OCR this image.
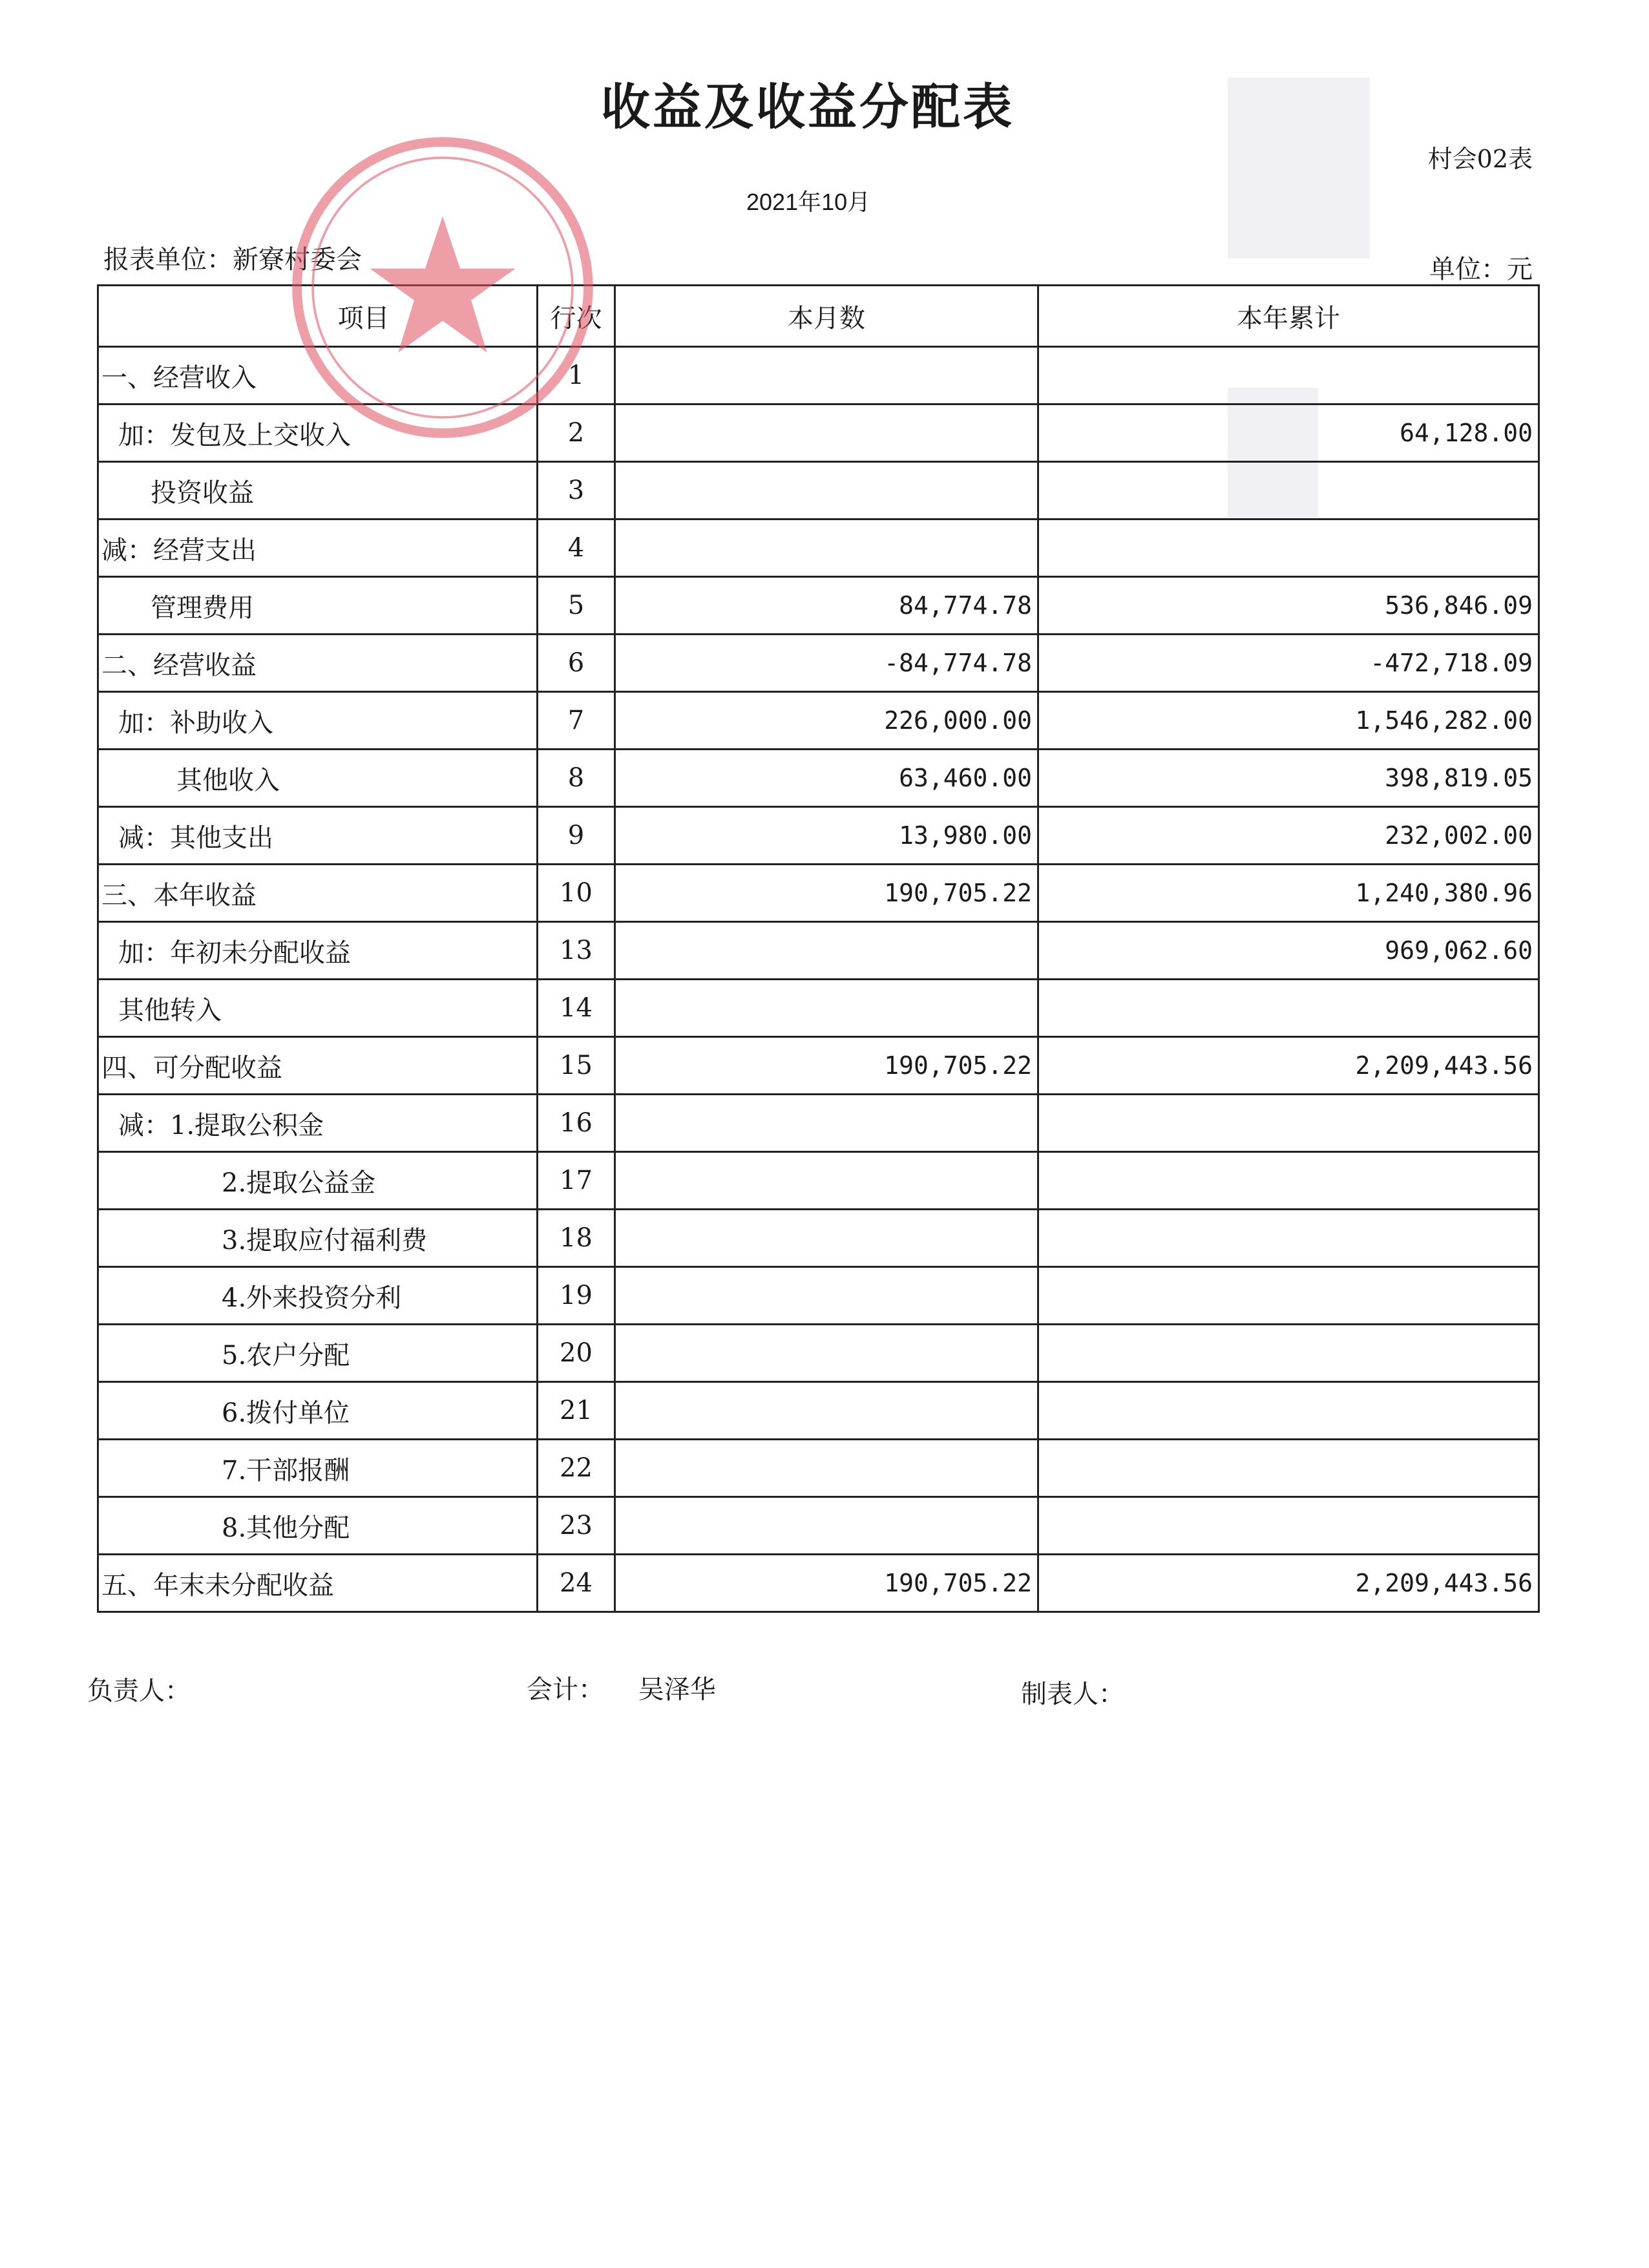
收益及收益分配表
村会02表
2021年10月
报表单位：新寮村委会	单位：元
项目	行次	本月数	本年累计
一、经营收入	1		
加：发包及上交收入	2		64,128.00
投资收益	3		
减：经营支出	4		
管理费用	5	84,774.78	536,846.09
二、经营收益	6	-84,774.78	-472,718.09
加：补助收入	7	226,000.00	1,546,282.00
其他收入	8	63,460.00	398,819.05
减：其他支出	9	13,980.00	232,002.00
三、本年收益	10	190,705.22	1,240,380.96
加：年初未分配收益	13		969,062.60
其他转入	14		
四、可分配收益	15	190,705.22	2,209,443.56
减：1.提取公积金	16		
2.提取公益金	17		
3.提取应付福利费	18		
4.外来投资分利	19		
5.农户分配	20		
6.拨付单位	21		
7.干部报酬	22		
8.其他分配	23		
五、年末未分配收益	24	190,705.22	2,209,443.56
负责人：	会计： 吴泽华	制表人：
